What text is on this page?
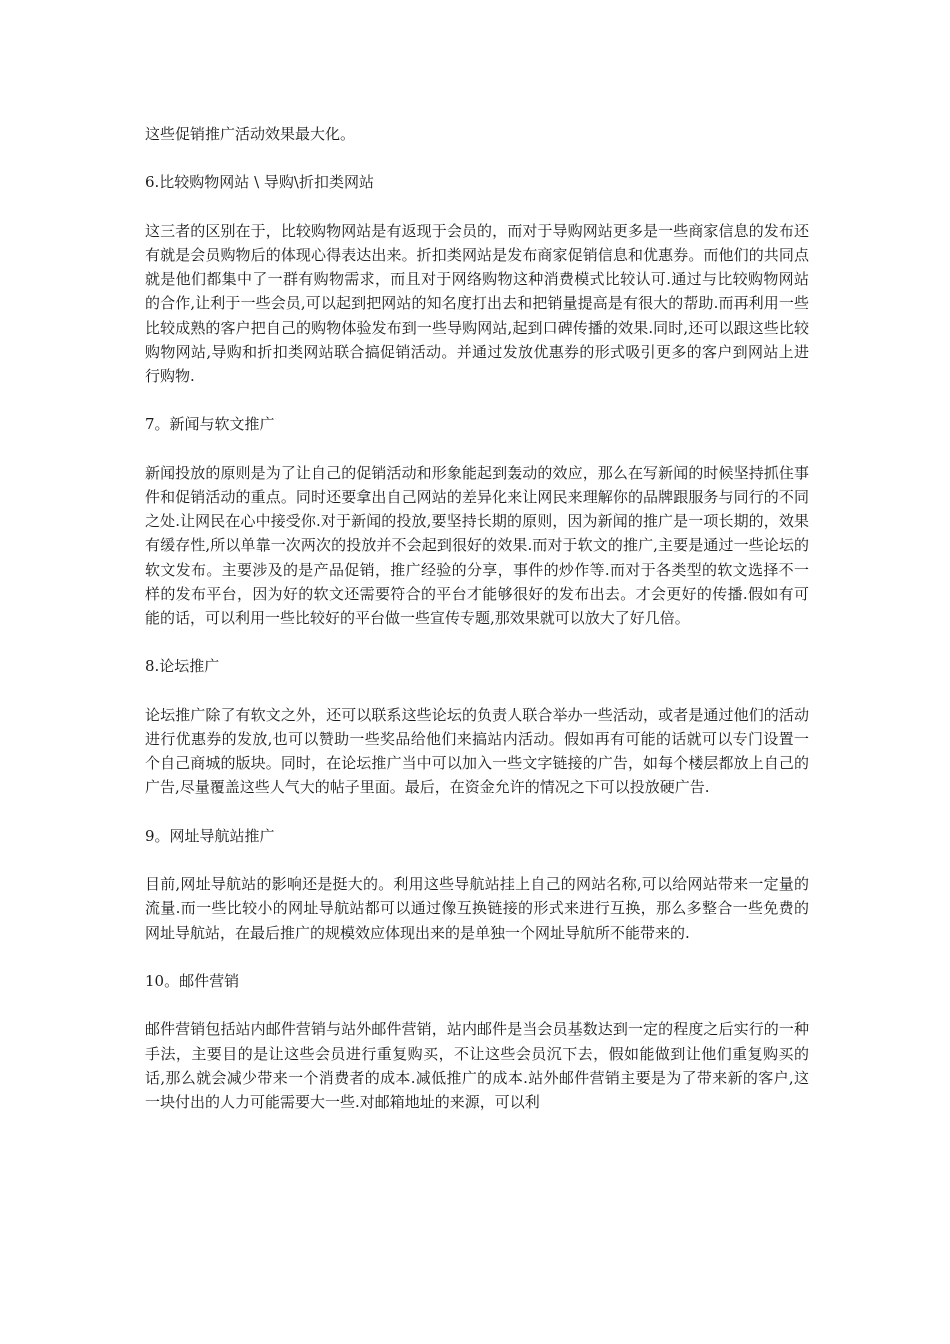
这些促销推广活动效果最大化。

6.比较购物网站 \ 导购\折扣类网站

这三者的区别在于，比较购物网站是有返现于会员的，而对于导购网站更多是一些商家信息的发布还有就是会员购物后的体现心得表达出来。折扣类网站是发布商家促销信息和优惠券。而他们的共同点就是他们都集中了一群有购物需求，而且对于网络购物这种消费模式比较认可.通过与比较购物网站的合作,让利于一些会员,可以起到把网站的知名度打出去和把销量提高是有很大的帮助.而再利用一些比较成熟的客户把自己的购物体验发布到一些导购网站,起到口碑传播的效果.同时,还可以跟这些比较购物网站,导购和折扣类网站联合搞促销活动。并通过发放优惠券的形式吸引更多的客户到网站上进行购物.

7。新闻与软文推广

新闻投放的原则是为了让自己的促销活动和形象能起到轰动的效应，那么在写新闻的时候坚持抓住事件和促销活动的重点。同时还要拿出自己网站的差异化来让网民来理解你的品牌跟服务与同行的不同之处.让网民在心中接受你.对于新闻的投放,要坚持长期的原则，因为新闻的推广是一项长期的，效果有缓存性,所以单靠一次两次的投放并不会起到很好的效果.而对于软文的推广,主要是通过一些论坛的软文发布。主要涉及的是产品促销，推广经验的分享，事件的炒作等.而对于各类型的软文选择不一样的发布平台，因为好的软文还需要符合的平台才能够很好的发布出去。才会更好的传播.假如有可能的话，可以利用一些比较好的平台做一些宣传专题,那效果就可以放大了好几倍。

8.论坛推广

论坛推广除了有软文之外，还可以联系这些论坛的负责人联合举办一些活动，或者是通过他们的活动进行优惠券的发放,也可以赞助一些奖品给他们来搞站内活动。假如再有可能的话就可以专门设置一个自己商城的版块。同时，在论坛推广当中可以加入一些文字链接的广告，如每个楼层都放上自己的广告,尽量覆盖这些人气大的帖子里面。最后，在资金允许的情况之下可以投放硬广告.

9。网址导航站推广

目前,网址导航站的影响还是挺大的。利用这些导航站挂上自己的网站名称,可以给网站带来一定量的流量.而一些比较小的网址导航站都可以通过像互换链接的形式来进行互换，那么多整合一些免费的网址导航站，在最后推广的规模效应体现出来的是单独一个网址导航所不能带来的.

10。邮件营销

邮件营销包括站内邮件营销与站外邮件营销，站内邮件是当会员基数达到一定的程度之后实行的一种手法，主要目的是让这些会员进行重复购买，不让这些会员沉下去，假如能做到让他们重复购买的话,那么就会减少带来一个消费者的成本.减低推广的成本.站外邮件营销主要是为了带来新的客户,这一块付出的人力可能需要大一些.对邮箱地址的来源，可以利
